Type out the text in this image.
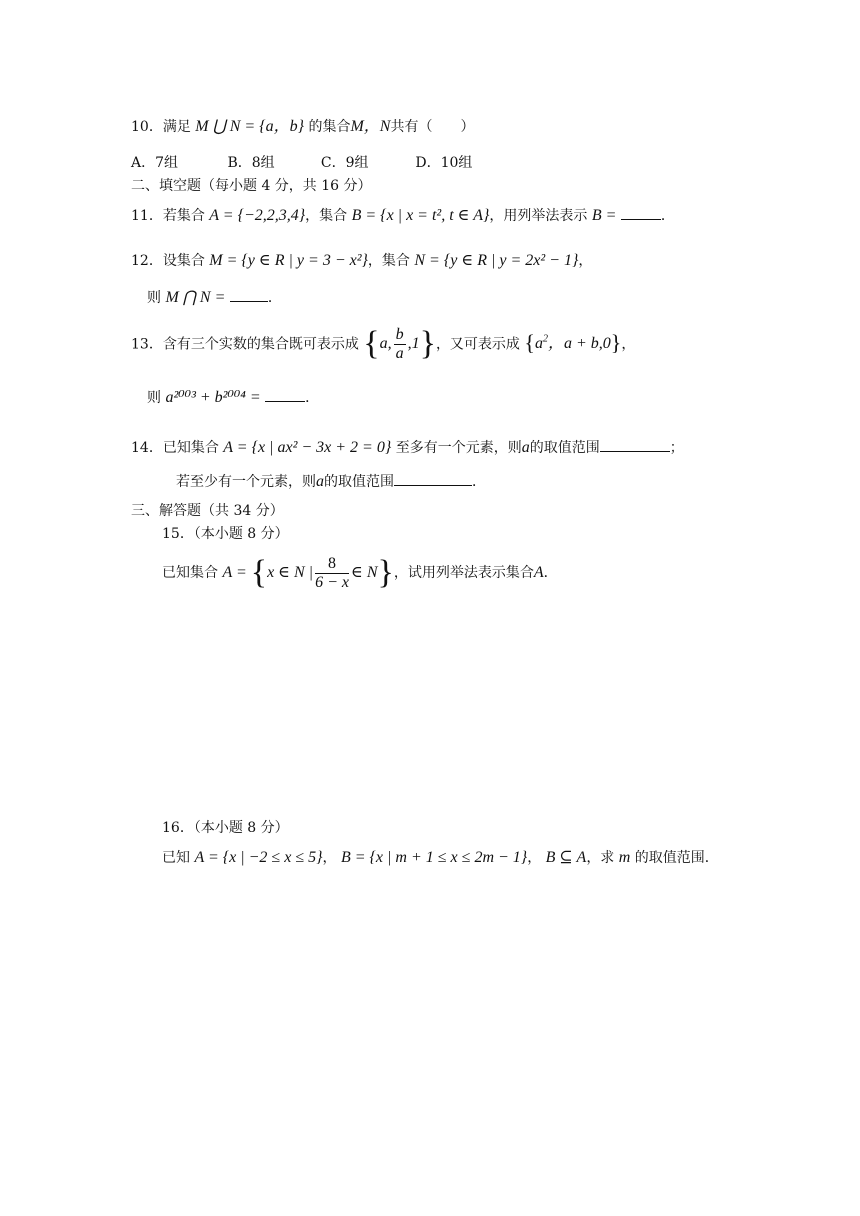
10．满足 M ⋃ N = {a，b} 的集合M，N共有（　　）
A．7组	B．8组	C．9组	D．10组
二、填空题（每小题 4 分，共 16 分）
11．若集合 A = {−2,2,3,4}，集合 B = {x | x = t², t ∈ A}，用列举法表示 B =	．
12．设集合 M = {y ∈ R | y = 3 − x²}，集合 N = {y ∈ R | y = 2x² − 1}，
则 M ⋂ N =	．
13．含有三个实数的集合既可表示成 {a, $\frac{b}{a} ,1$}，又可表示成 {$a^2$，a + b,0}，
则 a²⁰⁰³ + b²⁰⁰⁴ =	．
14．已知集合 A = {x | ax² − 3x + 2 = 0} 至多有一个元素，则a的取值范围	；
若至少有一个元素，则a的取值范围	．
三、解答题（共 34 分）
15．（本小题 8 分）
已知集合 A = {x ∈ N | $\frac{8}{6 - x}$ ∈ N}，试用列举法表示集合A．
16．（本小题 8 分）
已知 A = {x | −2 ≤ x ≤ 5}， B = {x | m + 1 ≤ x ≤ 2m − 1}， B ⊆ A，求 m 的取值范围．
